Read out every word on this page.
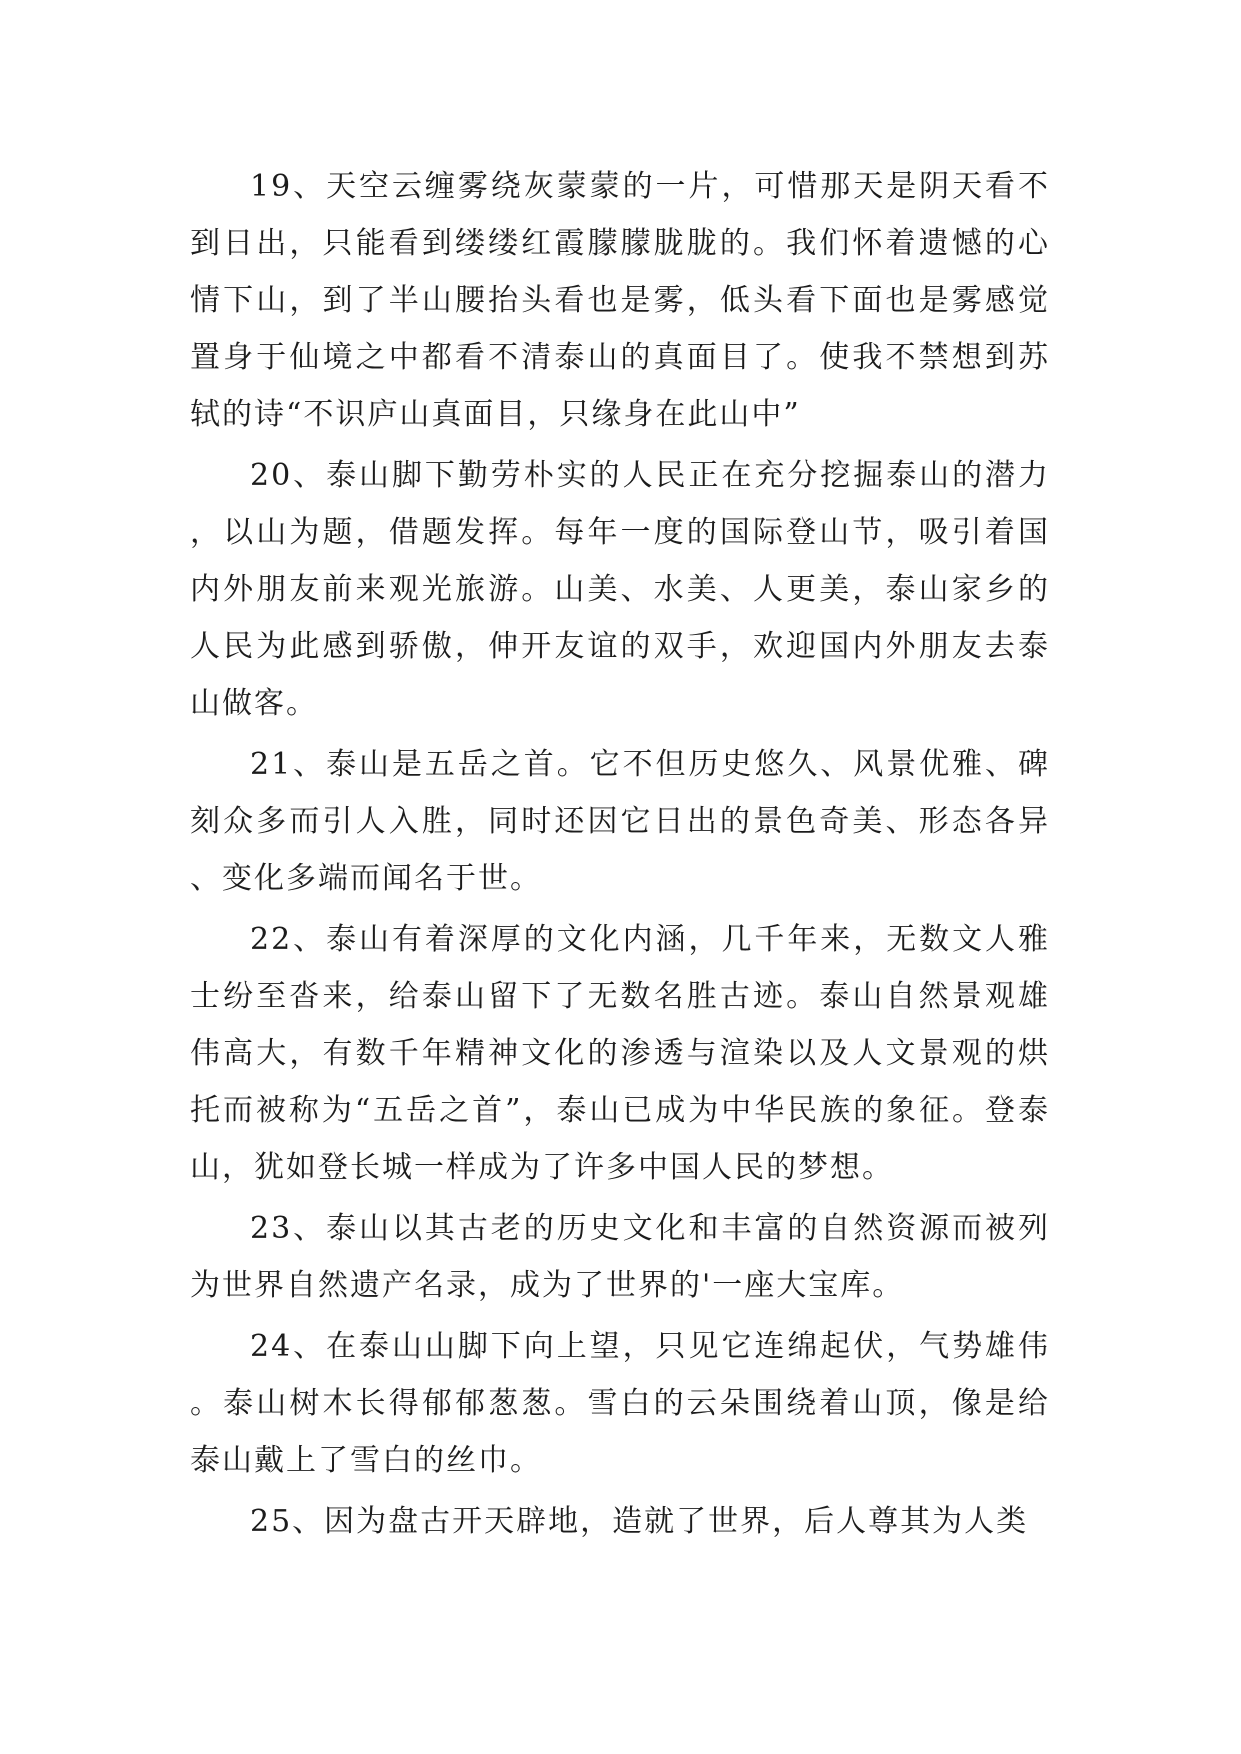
19、天空云缠雾绕灰蒙蒙的一片，可惜那天是阴天看不到日出，只能看到缕缕红霞朦朦胧胧的。我们怀着遗憾的心情下山，到了半山腰抬头看也是雾，低头看下面也是雾感觉置身于仙境之中都看不清泰山的真面目了。使我不禁想到苏轼的诗“不识庐山真面目，只缘身在此山中”

20、泰山脚下勤劳朴实的人民正在充分挖掘泰山的潜力，以山为题，借题发挥。每年一度的国际登山节，吸引着国内外朋友前来观光旅游。山美、水美、人更美，泰山家乡的人民为此感到骄傲，伸开友谊的双手，欢迎国内外朋友去泰山做客。

21、泰山是五岳之首。它不但历史悠久、风景优雅、碑刻众多而引人入胜，同时还因它日出的景色奇美、形态各异、变化多端而闻名于世。

22、泰山有着深厚的文化内涵，几千年来，无数文人雅士纷至沓来，给泰山留下了无数名胜古迹。泰山自然景观雄伟高大，有数千年精神文化的渗透与渲染以及人文景观的烘托而被称为“五岳之首”，泰山已成为中华民族的象征。登泰山，犹如登长城一样成为了许多中国人民的梦想。

23、泰山以其古老的历史文化和丰富的自然资源而被列为世界自然遗产名录，成为了世界的'一座大宝库。

24、在泰山山脚下向上望，只见它连绵起伏，气势雄伟。泰山树木长得郁郁葱葱。雪白的云朵围绕着山顶，像是给泰山戴上了雪白的丝巾。

25、因为盘古开天辟地，造就了世界，后人尊其为人类
